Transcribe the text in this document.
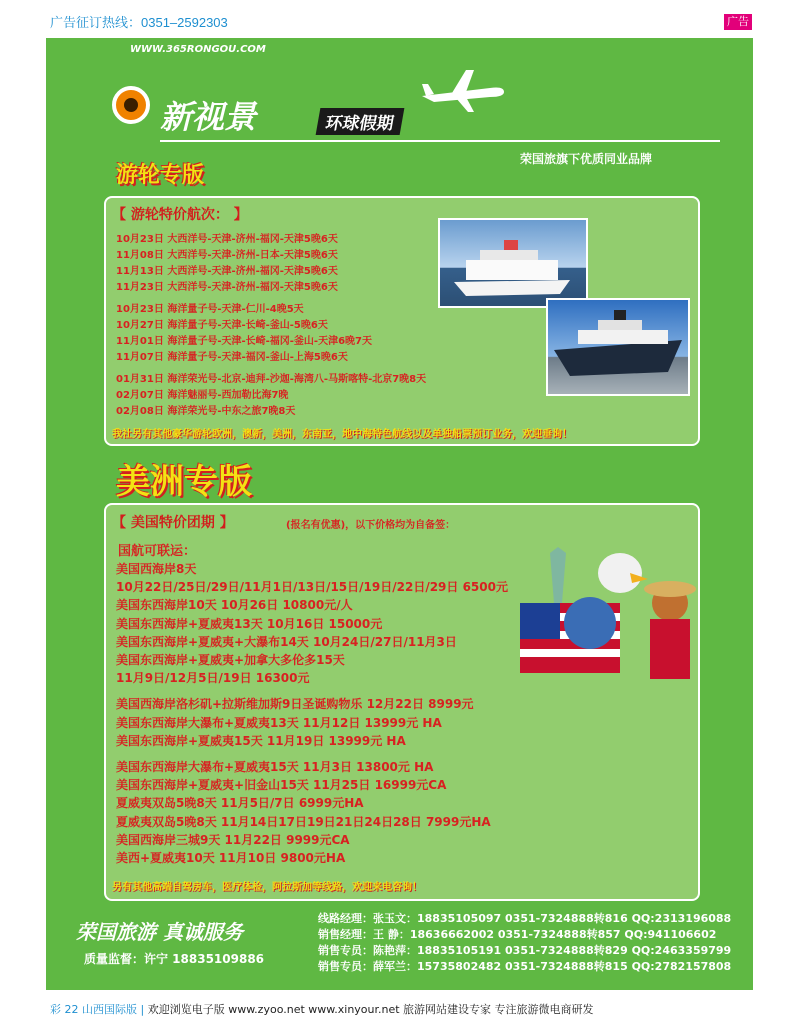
广告征订热线：0351–2592303	广告
WWW.365RONGOU.COM
新视景	环球假期
荣国旅旗下优质同业品牌
游轮专版
【 游轮特价航次： 】
10月23日 大西洋号-天津-济州-福冈-天津5晚6天
11月08日 大西洋号-天津-济州-日本-天津5晚6天
11月13日 大西洋号-天津-济州-福冈-天津5晚6天
11月23日 大西洋号-天津-济州-福冈-天津5晚6天
10月23日 海洋量子号-天津-仁川-4晚5天
10月27日 海洋量子号-天津-长崎-釜山-5晚6天
11月01日 海洋量子号-天津-长崎-福冈-釜山-天津6晚7天
11月07日 海洋量子号-天津-福冈-釜山-上海5晚6天
01月31日 海洋荣光号-北京-迪拜-沙迦-海湾八-马斯喀特-北京7晚8天
02月07日 海洋魅丽号-西加勒比海7晚
02月08日 海洋荣光号-中东之旅7晚8天
我社另有其他豪华游轮欧洲，澳新，美洲，东南亚，地中海特色航线以及单独船票预订业务，欢迎垂询！
美洲专版
【 美国特价团期 】	(报名有优惠)，以下价格均为自备签：
国航可联运：
美国西海岸8天
10月22日/25日/29日/11月1日/13日/15日/19日/22日/29日 6500元
美国东西海岸10天 10月26日 10800元/人
美国东西海岸+夏威夷13天 10月16日 15000元
美国东西海岸+夏威夷+大瀑布14天 10月24日/27日/11月3日
美国东西海岸+夏威夷+加拿大多伦多15天
11月9日/12月5日/19日 16300元
美国西海岸洛杉矶+拉斯维加斯9日圣诞购物乐 12月22日 8999元
美国东西海岸大瀑布+夏威夷13天 11月12日 13999元 HA
美国东西海岸+夏威夷15天 11月19日 13999元 HA
美国东西海岸大瀑布+夏威夷15天 11月3日 13800元 HA
美国东西海岸+夏威夷+旧金山15天 11月25日 16999元CA
夏威夷双岛5晚8天 11月5日/7日 6999元HA
夏威夷双岛5晚8天 11月14日17日19日21日24日28日 7999元HA
美国西海岸三城9天 11月22日 9999元CA
美西+夏威夷10天 11月10日 9800元HA
另有其他高端自驾房车，医疗体检，阿拉斯加等线路，欢迎来电咨询！
荣国旅游 真诚服务
质量监督：许宁 18835109886
线路经理：张玉文：18835105097 0351-7324888转816 QQ:2313196088
销售经理：王 静：18636662002 0351-7324888转857 QQ:941106602
销售专员：陈艳萍：18835105191 0351-7324888转829 QQ:2463359799
销售专员：薛军兰：15735802482 0351-7324888转815 QQ:2782157808
彩 22 山西国际版 | 欢迎浏览电子版 www.zyoo.net www.xinyour.net 旅游网站建设专家 专注旅游微电商研发
